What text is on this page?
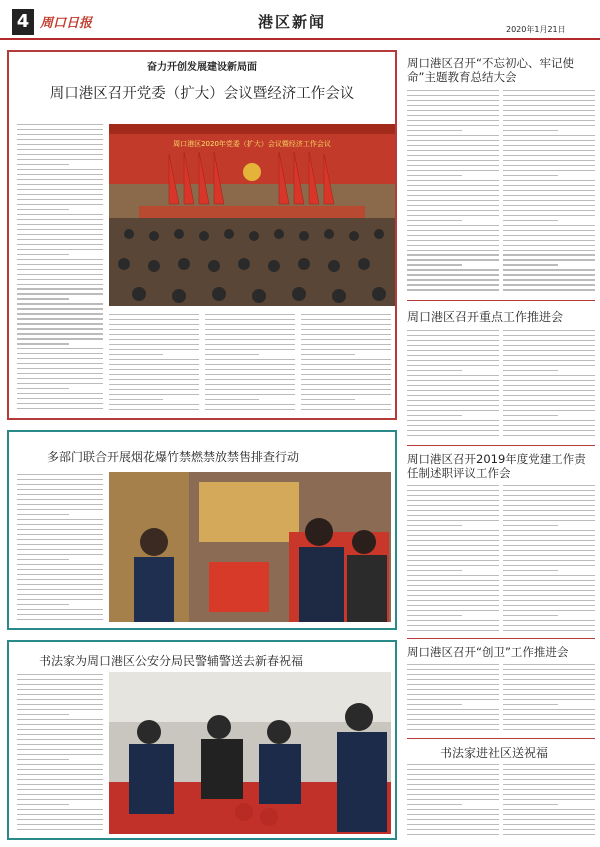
4 周口日报	港区新闻	2020年1月21日
奋力开创发展建设新局面
周口港区召开党委（扩大）会议暨经济工作会议
周口港区2020年党委（扩大）会议暨经济工作会议
多部门联合开展烟花爆竹禁燃禁放禁售排查行动
书法家为周口港区公安分局民警辅警送去新春祝福
周口港区召开“不忘初心、牢记使命”主题教育总结大会
周口港区召开重点工作推进会
周口港区召开2019年度党建工作责任制述职评议工作会
周口港区召开“创卫”工作推进会
书法家进社区送祝福
